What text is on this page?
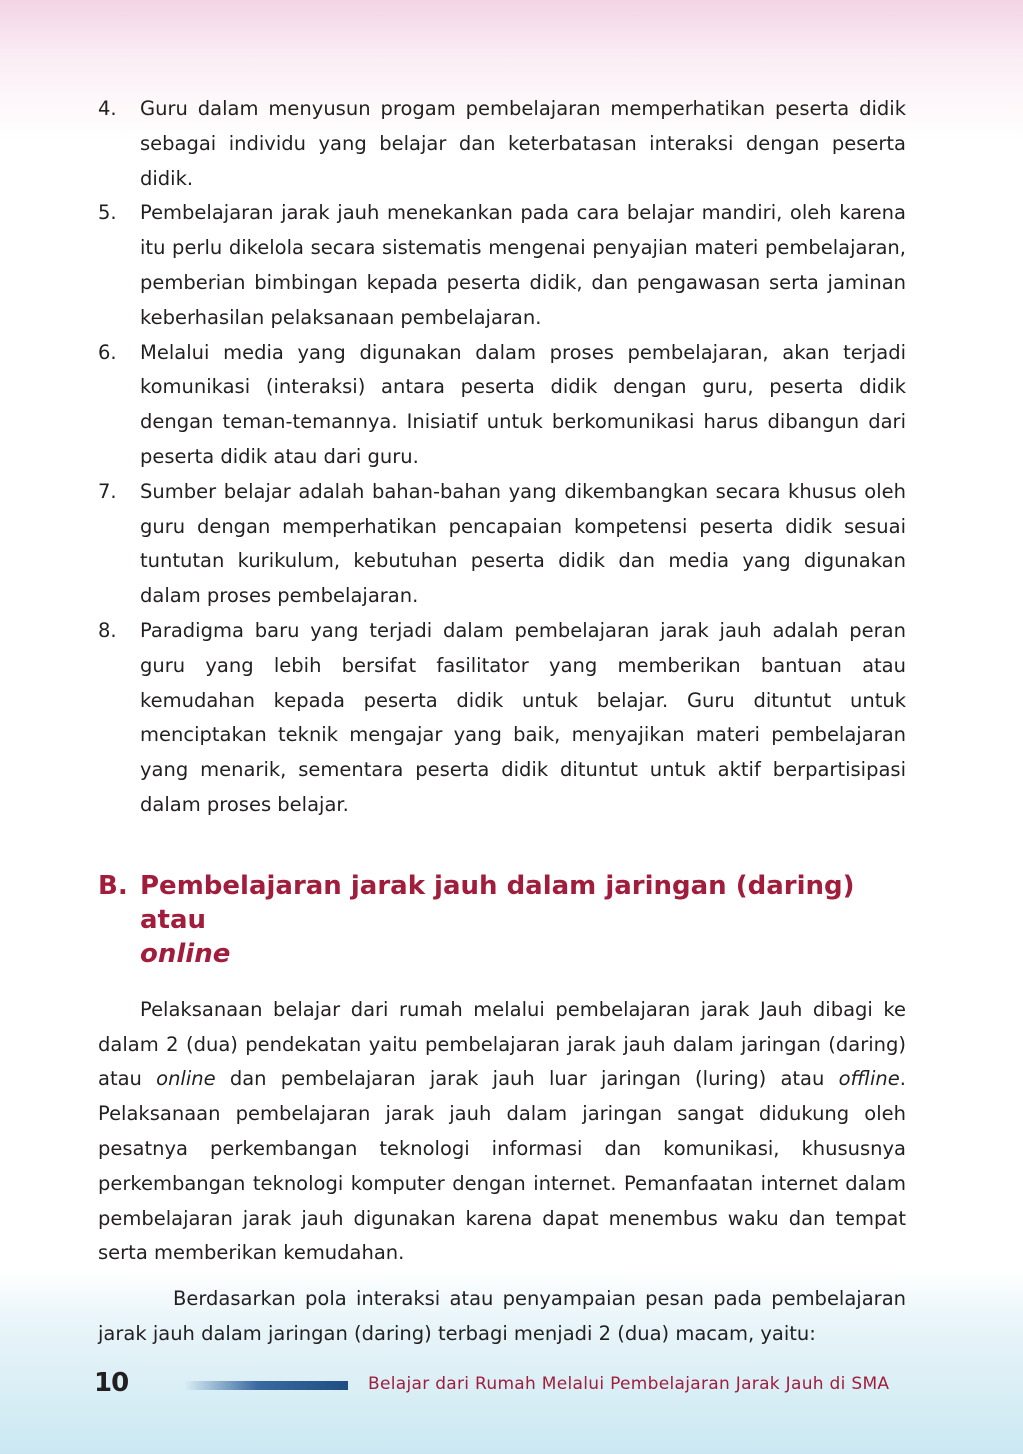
4. Guru dalam menyusun progam pembelajaran memperhatikan peserta didik sebagai individu yang belajar dan keterbatasan interaksi dengan peserta didik.
5. Pembelajaran jarak jauh menekankan pada cara belajar mandiri, oleh karena itu perlu dikelola secara sistematis mengenai penyajian materi pembelajaran, pemberian bimbingan kepada peserta didik, dan pengawasan serta jaminan keberhasilan pelaksanaan pembelajaran.
6. Melalui media yang digunakan dalam proses pembelajaran, akan terjadi komunikasi (interaksi) antara peserta didik dengan guru, peserta didik dengan teman-temannya. Inisiatif untuk berkomunikasi harus dibangun dari peserta didik atau dari guru.
7. Sumber belajar adalah bahan-bahan yang dikembangkan secara khusus oleh guru dengan memperhatikan pencapaian kompetensi peserta didik sesuai tuntutan kurikulum, kebutuhan peserta didik dan media yang digunakan dalam proses pembelajaran.
8. Paradigma baru yang terjadi dalam pembelajaran jarak jauh adalah peran guru yang lebih bersifat fasilitator yang memberikan bantuan atau kemudahan kepada peserta didik untuk belajar. Guru dituntut untuk menciptakan teknik mengajar yang baik, menyajikan materi pembelajaran yang menarik, sementara peserta didik dituntut untuk aktif berpartisipasi dalam proses belajar.
B. Pembelajaran jarak jauh dalam jaringan (daring) atau
online

Pelaksanaan belajar dari rumah melalui pembelajaran jarak Jauh dibagi ke dalam 2 (dua) pendekatan yaitu pembelajaran jarak jauh dalam jaringan (daring) atau online dan pembelajaran jarak jauh luar jaringan (luring) atau offline. Pelaksanaan pembelajaran jarak jauh dalam jaringan sangat didukung oleh pesatnya perkembangan teknologi informasi dan komunikasi, khususnya perkembangan teknologi komputer dengan internet. Pemanfaatan internet dalam pembelajaran jarak jauh digunakan karena dapat menembus waku dan tempat serta memberikan kemudahan.

Berdasarkan pola interaksi atau penyampaian pesan pada pembelajaran jarak jauh dalam jaringan (daring) terbagi menjadi 2 (dua) macam, yaitu:

10	Belajar dari Rumah Melalui Pembelajaran Jarak Jauh di SMA
